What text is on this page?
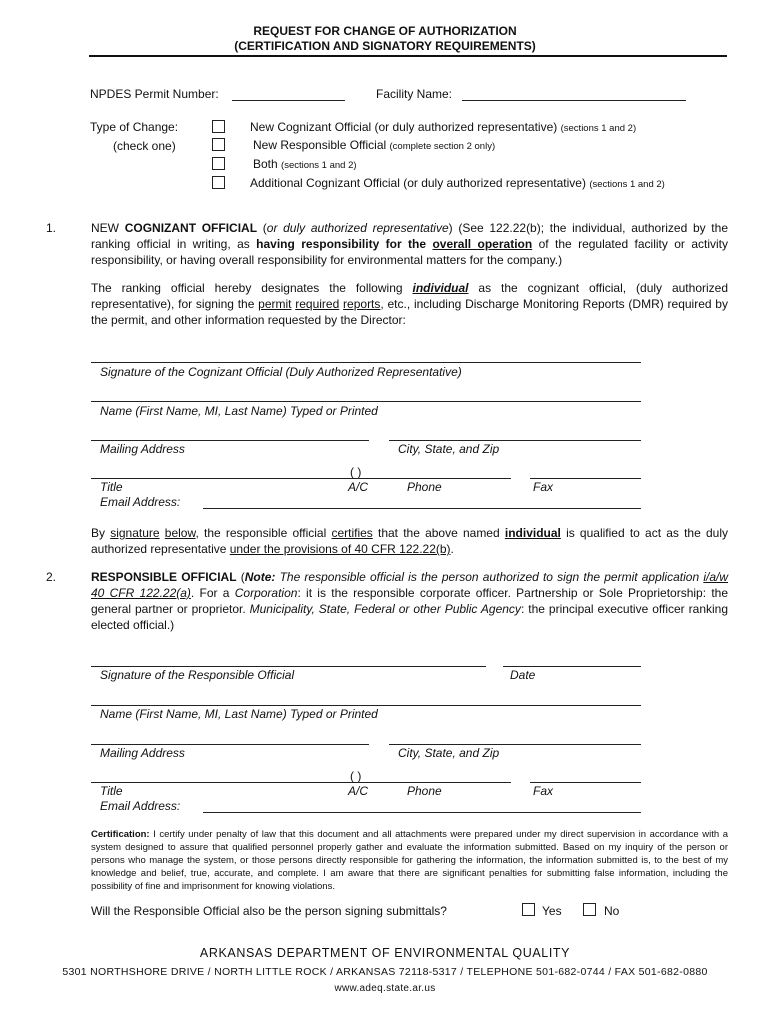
REQUEST FOR CHANGE OF AUTHORIZATION
(CERTIFICATION AND SIGNATORY REQUIREMENTS)
NPDES Permit Number:	Facility Name:
Type of Change:
(check one)
New Cognizant Official (or duly authorized representative) (sections 1 and 2)
New Responsible Official (complete section 2 only)
Both (sections 1 and 2)
Additional Cognizant Official (or duly authorized representative) (sections 1 and 2)
1.	NEW COGNIZANT OFFICIAL (or duly authorized representative) (See 122.22(b); the individual, authorized by the ranking official in writing, as having responsibility for the overall operation of the regulated facility or activity responsibility, or having overall responsibility for environmental matters for the company.)
The ranking official hereby designates the following individual as the cognizant official, (duly authorized representative), for signing the permit required reports, etc., including Discharge Monitoring Reports (DMR) required by the permit, and other information requested by the Director:
Signature of the Cognizant Official (Duly Authorized Representative)
Name (First Name, MI, Last Name) Typed or Printed
Mailing Address	City, State, and Zip
( )
Title	A/C	Phone	Fax
Email Address:
By signature below, the responsible official certifies that the above named individual is qualified to act as the duly authorized representative under the provisions of 40 CFR 122.22(b).
2.	RESPONSIBLE OFFICIAL (Note: The responsible official is the person authorized to sign the permit application i/a/w 40 CFR 122.22(a). For a Corporation: it is the responsible corporate officer. Partnership or Sole Proprietorship: the general partner or proprietor. Municipality, State, Federal or other Public Agency: the principal executive officer ranking elected official.)
Signature of the Responsible Official	Date
Name (First Name, MI, Last Name) Typed or Printed
Mailing Address	City, State, and Zip
( )
Title	A/C	Phone	Fax
Email Address:
Certification: I certify under penalty of law that this document and all attachments were prepared under my direct supervision in accordance with a system designed to assure that qualified personnel properly gather and evaluate the information submitted. Based on my inquiry of the person or persons who manage the system, or those persons directly responsible for gathering the information, the information submitted is, to the best of my knowledge and belief, true, accurate, and complete. I am aware that there are significant penalties for submitting false information, including the possibility of fine and imprisonment for knowing violations.
Will the Responsible Official also be the person signing submittals?	Yes	No
ARKANSAS DEPARTMENT OF ENVIRONMENTAL QUALITY
5301 NORTHSHORE DRIVE / NORTH LITTLE ROCK / ARKANSAS 72118-5317 / TELEPHONE 501-682-0744 / FAX 501-682-0880
www.adeq.state.ar.us
